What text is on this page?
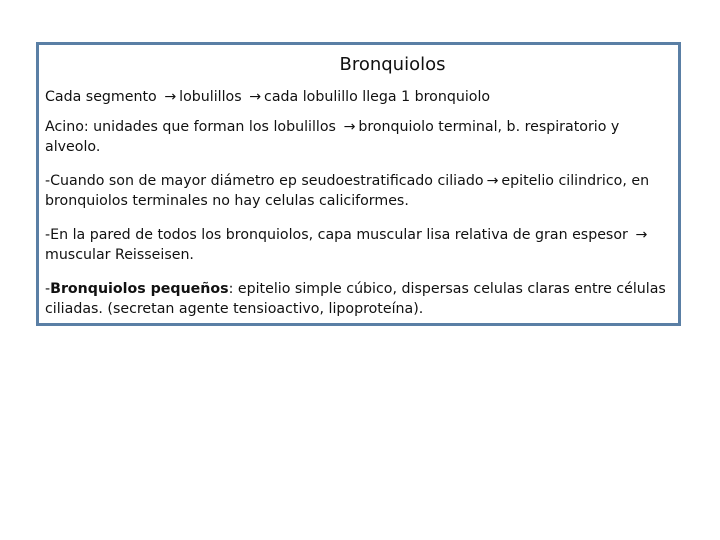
Bronquiolos

Cada segmento → lobulillos → cada lobulillo llega 1 bronquiolo

Acino: unidades que forman los lobulillos → bronquiolo terminal, b. respiratorio y alveolo.

-Cuando son de mayor diámetro ep seudoestratificado ciliado → epitelio cilindrico, en bronquiolos terminales no hay celulas caliciformes.

-En la pared de todos los bronquiolos, capa muscular lisa relativa de gran espesor →muscular Reisseisen.

-Bronquiolos pequeños: epitelio simple cúbico, dispersas celulas claras entre células ciliadas. (secretan agente tensioactivo, lipoproteína).
